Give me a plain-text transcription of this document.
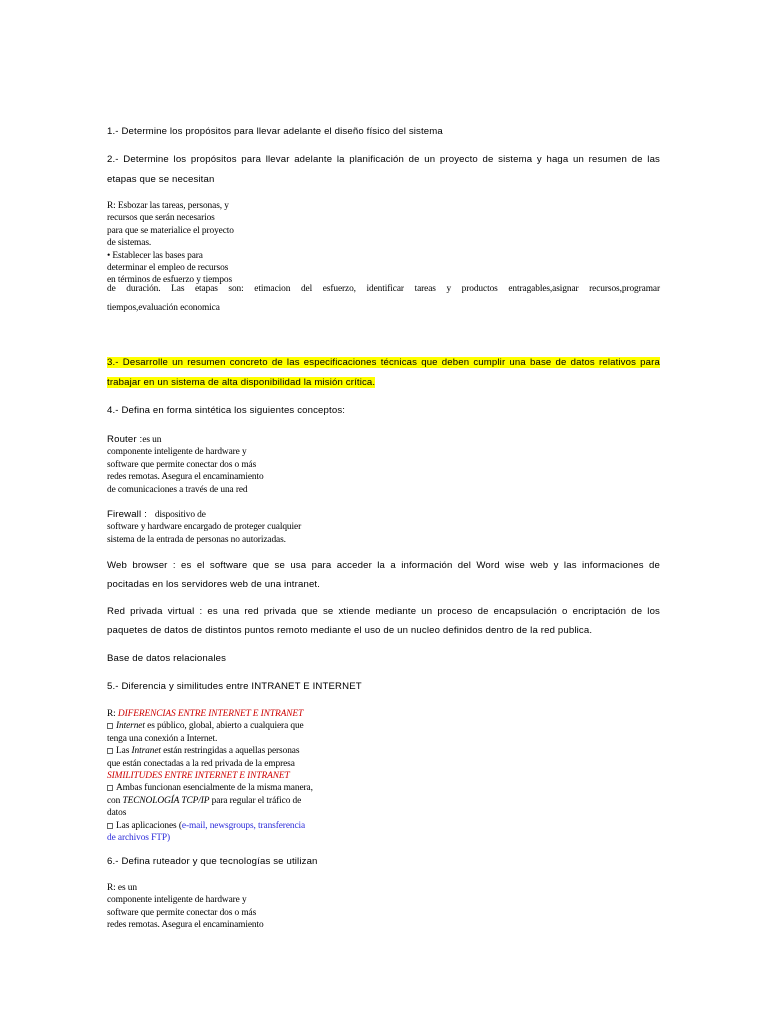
1.- Determine los propósitos para llevar adelante el diseño físico del sistema

2.- Determine los propósitos para llevar adelante la planificación de un proyecto de sistema y haga un resumen de las

etapas que se necesitan

R: Esbozar las tareas, personas, y
recursos que serán necesarios
para que se materialice el proyecto
de sistemas.
• Establecer las bases para
determinar el empleo de recursos
en términos de esfuerzo y tiempos

de duración. Las etapas son: etimacion del esfuerzo, identificar tareas y productos entragables,asignar recursos,programar

tiempos,evaluación economica

3.- Desarrolle un resumen concreto de las especificaciones técnicas que deben cumplir una base de datos relativos para

trabajar en un sistema de alta disponibilidad la misión crítica.

4.- Defina en forma sintética los siguientes conceptos:

Router :es un
componente inteligente de hardware y
software que permite conectar dos o más
redes remotas. Asegura el encaminamiento
de comunicaciones a través de una red
Firewall : dispositivo de
software y hardware encargado de proteger cualquier
sistema de la entrada de personas no autorizadas.

Web browser : es el software que se usa para acceder la a información del Word wise web y las informaciones de

pocitadas en los servidores web de una intranet.

Red privada virtual : es una red privada que se xtiende mediante un proceso de encapsulación o encriptación de los

paquetes de datos de distintos puntos remoto mediante el uso de un nucleo definidos dentro de la red publica.

Base de datos relacionales

5.- Diferencia y similitudes entre INTRANET E INTERNET

R: DIFERENCIAS ENTRE INTERNET E INTRANET
Internet es público, global, abierto a cualquiera que
tenga una conexión a Internet.
Las Intranet están restringidas a aquellas personas
que están conectadas a la red privada de la empresa
SIMILITUDES ENTRE INTERNET E INTRANET
Ambas funcionan esencialmente de la misma manera,
con TECNOLOGÍA TCP/IP para regular el tráfico de
datos
Las aplicaciones (e-mail, newsgroups, transferencia
de archivos FTP)

6.- Defina ruteador y que tecnologías se utilizan

R: es un
componente inteligente de hardware y
software que permite conectar dos o más
redes remotas. Asegura el encaminamiento
